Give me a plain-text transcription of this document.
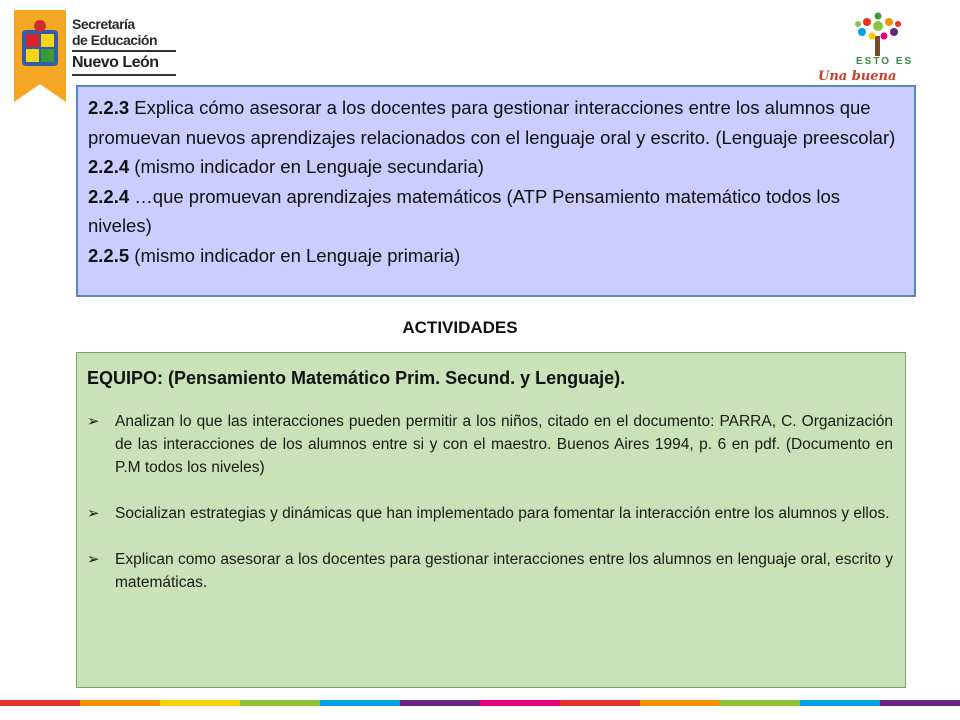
Secretaría
de Educación
Nuevo León	ESTO ES
Una buena

2.2.3 Explica cómo asesorar a los docentes para gestionar interacciones entre los alumnos que promuevan nuevos aprendizajes relacionados con el lenguaje oral y escrito. (Lenguaje preescolar)

2.2.4 (mismo indicador en Lenguaje secundaria)

2.2.4 …que promuevan aprendizajes matemáticos (ATP Pensamiento matemático todos los niveles)

2.2.5 (mismo indicador en Lenguaje primaria)

ACTIVIDADES

EQUIPO: (Pensamiento Matemático Prim. Secund. y Lenguaje).

➢ Analizan lo que las interacciones pueden permitir a los niños, citado en el documento: PARRA, C. Organización de las interacciones de los alumnos entre si y con el maestro. Buenos Aires 1994, p. 6 en pdf. (Documento en P.M todos los niveles)
➢ Socializan estrategias y dinámicas que han implementado para fomentar la interacción entre los alumnos y ellos.
➢ Explican como asesorar a los docentes para gestionar interacciones entre los alumnos en lenguaje oral, escrito y matemáticas.
